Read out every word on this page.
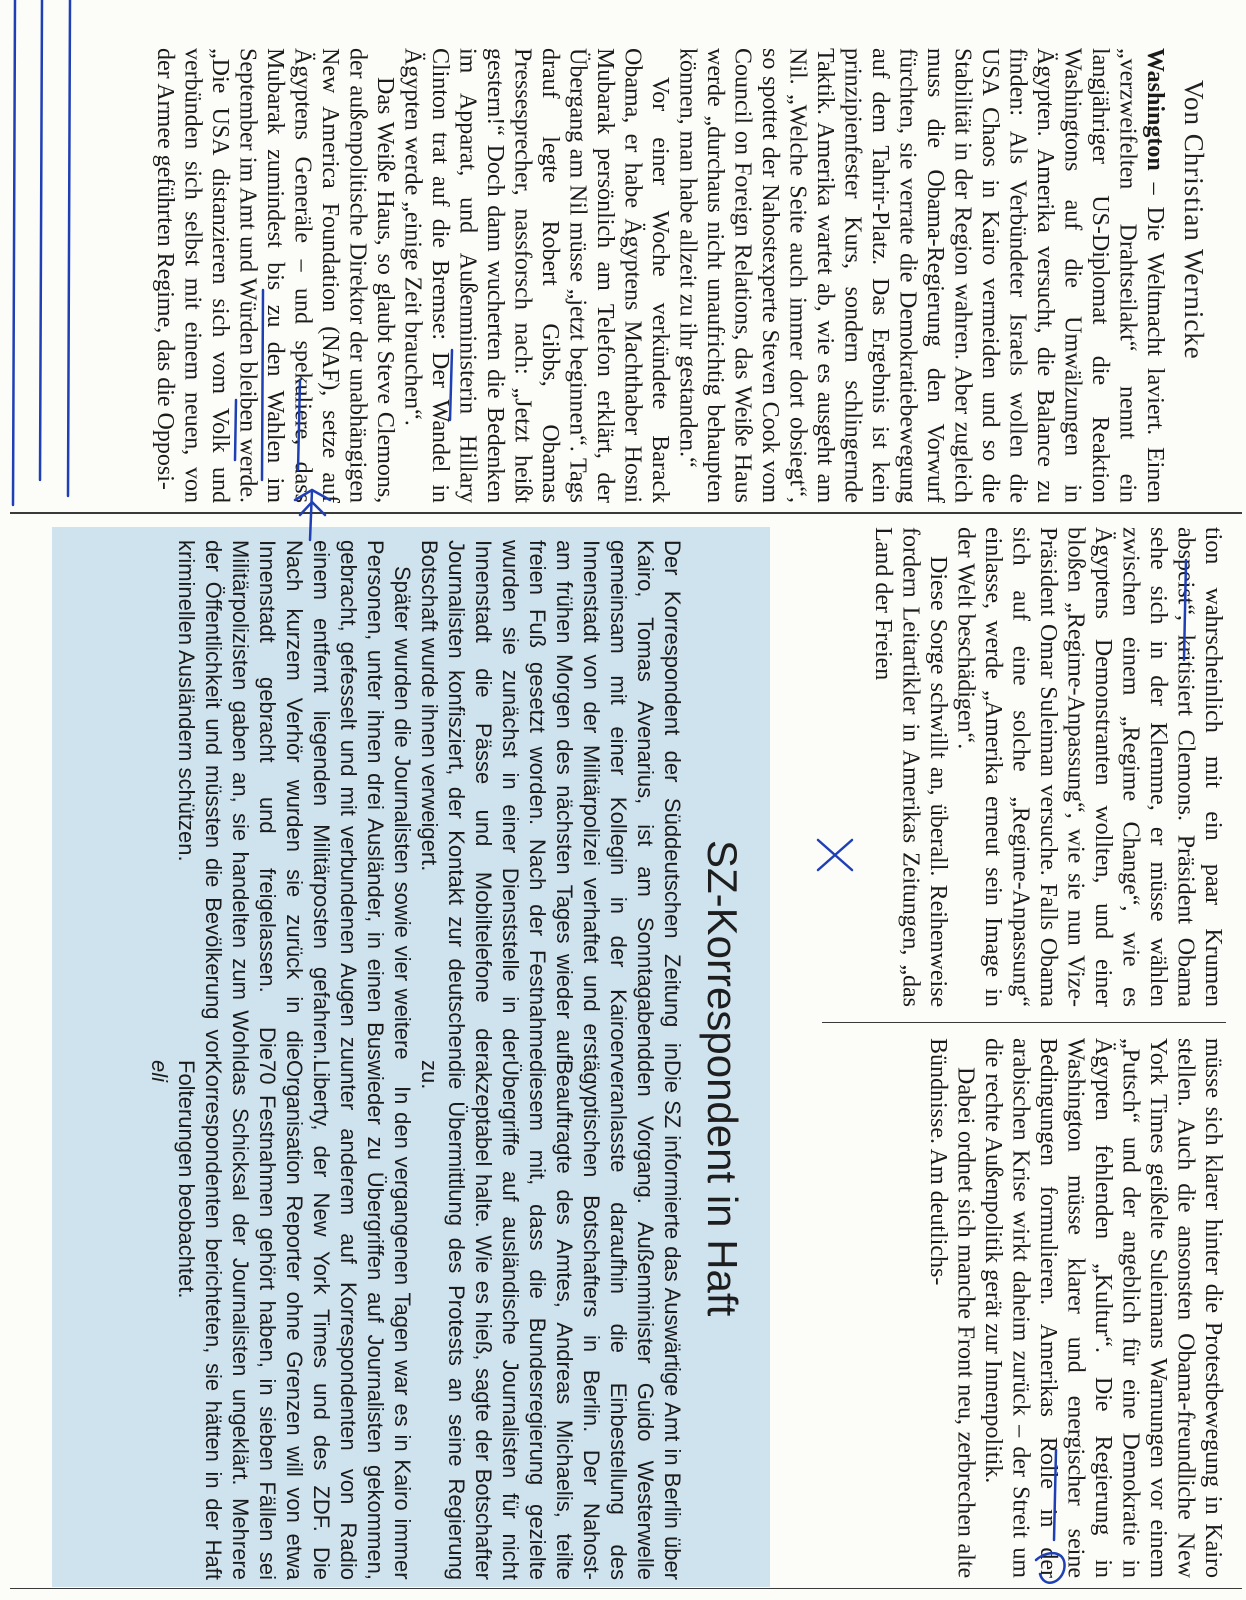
Von Christian Wernicke
Washington – Die Weltmacht laviert. Einen „verzweifelten Drahtseilakt“ nennt ein langjähriger US-Diplomat die Reaktion Washingtons auf die Umwälzungen in Ägypten. Amerika versucht, die Balance zu finden: Als Verbündeter Israels wollen die USA Chaos in Kairo vermeiden und so die Stabilität in der Region wahren. Aber zugleich muss die Obama-Regierung den Vorwurf fürchten, sie verrate die Demokratiebewegung auf dem Tahrir-Platz. Das Ergebnis ist kein prinzipienfester Kurs, sondern schlingernde Taktik. Amerika wartet ab, wie es ausgeht am Nil. „Welche Seite auch immer dort obsiegt“, so spottet der Nahostexperte Steven Cook vom Council on Foreign Relations, das Weiße Haus werde „durchaus nicht unaufrichtig behaupten können, man habe allzeit zu ihr gestanden.“
Vor einer Woche verkündete Barack Obama, er habe Ägyptens Machthaber Hosni Mubarak persönlich am Telefon erklärt, der Übergang am Nil müsse „jetzt beginnen“. Tags drauf legte Robert Gibbs, Obamas Pressesprecher, nassforsch nach: „Jetzt heißt gestern!“ Doch dann wucherten die Bedenken im Apparat, und Außenministerin Hillary Clinton trat auf die Bremse: Der Wandel in Ägypten werde „einige Zeit brauchen“.
Das Weiße Haus, so glaubt Steve Clemons, der außenpolitische Direktor der unabhängigen New America Foundation (NAF), setze auf Ägyptens Generäle – und spekuliere, dass Mubarak zumindest bis zu den Wahlen im September im Amt und Würden bleiben werde. „Die USA distanzieren sich vom Volk und verbünden sich selbst mit einem neuen, von der Armee geführten Regime, das die Opposi-
tion wahrscheinlich mit ein paar Krumen abspeist“, kritisiert Clemons. Präsident Obama sehe sich in der Klemme, er müsse wählen zwischen einem „Regime Change“, wie es Ägyptens Demonstranten wollten, und einer bloßen „Regime-Anpassung“, wie sie nun Vize-Präsident Omar Suleiman versuche. Falls Obama sich auf eine solche „Regime-Anpassung“ einlasse, werde „Amerika erneut sein Image in der Welt beschädigen“.
Diese Sorge schwillt an, überall. Reihenweise fordern Leitartikler in Amerikas Zeitungen, „das Land der Freien
müsse sich klarer hinter die Protestbewegung in Kairo stellen. Auch die ansonsten Obama-freundliche New York Times geißelte Suleimans Warnungen vor einem „Putsch“ und der angeblich für eine Demokratie in Ägypten fehlenden „Kultur“. Die Regierung in Washington müsse klarer und energischer seine Bedingungen formulieren. Amerikas Rolle in der arabischen Krise wirkt daheim zurück – der Streit um die rechte Außenpolitik gerät zur Innenpolitik.
Dabei ordnet sich manche Front neu, zerbrechen alte Bündnisse. Am deutlichs-
SZ-Korrespondent in Haft
Der Korrespondent der Süddeutschen Zeitung in Kairo, Tomas Avenarius, ist am Sonntagabend gemeinsam mit einer Kollegin in der Kairoer Innenstadt von der Militärpolizei verhaftet und erst am frühen Morgen des nächsten Tages wieder auf freien Fuß gesetzt worden. Nach der Festnahme wurden sie zunächst in einer Dienststelle in der Innenstadt die Pässe und Mobiltelefone der Journalisten konfisziert, der Kontakt zur deutschen Botschaft wurde ihnen verweigert.
Später wurden die Journalisten sowie vier weitere Personen, unter ihnen drei Ausländer, in einen Bus gebracht, gefesselt und mit verbundenen Augen zu einem entfernt liegenden Militärposten gefahren. Nach kurzem Verhör wurden sie zurück in die Innenstadt gebracht und freigelassen. Die Militärpolizisten gaben an, sie handelten zum Wohl der Öffentlichkeit und müssten die Bevölkerung vor kriminellen Ausländern schützen.
Die SZ informierte das Auswärtige Amt in Berlin über den Vorgang. Außenminister Guido Westerwelle veranlasste daraufhin die Einbestellung des ägyptischen Botschafters in Berlin. Der Nahost-Beauftragte des Amtes, Andreas Michaelis, teilte diesem mit, dass die Bundesregierung gezielte Übergriffe auf ausländische Journalisten für nicht akzeptabel halte. Wie es hieß, sagte der Botschafter die Übermittlung des Protests an seine Regierung zu.
In den vergangenen Tagen war es in Kairo immer wieder zu Übergriffen auf Journalisten gekommen, unter anderem auf Korrespondenten von Radio Liberty, der New York Times und des ZDF. Die Organisation Reporter ohne Grenzen will von etwa 70 Festnahmen gehört haben, in sieben Fällen sei das Schicksal der Journalisten ungeklärt. Mehrere Korrespondenten berichteten, sie hätten in der Haft Folterungen beobachtet.
eli
